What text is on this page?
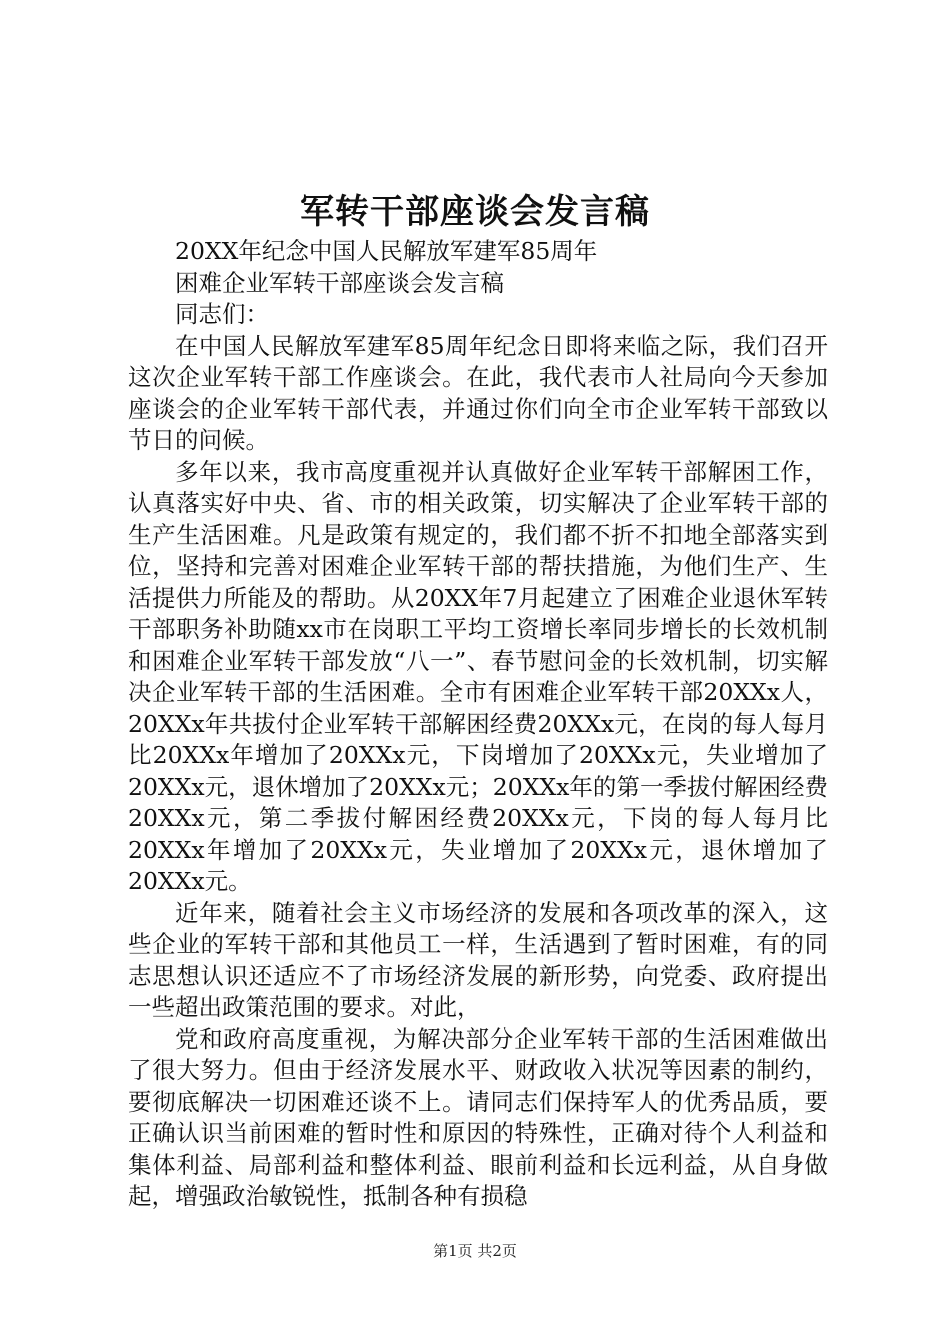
军转干部座谈会发言稿

20XX年纪念中国人民解放军建军85周年

困难企业军转干部座谈会发言稿

同志们：

在中国人民解放军建军85周年纪念日即将来临之际，我们召开这次企业军转干部工作座谈会。在此，我代表市人社局向今天参加座谈会的企业军转干部代表，并通过你们向全市企业军转干部致以节日的问候。

多年以来，我市高度重视并认真做好企业军转干部解困工作，认真落实好中央、省、市的相关政策，切实解决了企业军转干部的生产生活困难。凡是政策有规定的，我们都不折不扣地全部落实到位，坚持和完善对困难企业军转干部的帮扶措施，为他们生产、生活提供力所能及的帮助。从20XX年7月起建立了困难企业退休军转干部职务补助随xx市在岗职工平均工资增长率同步增长的长效机制和困难企业军转干部发放“八一”、春节慰问金的长效机制，切实解决企业军转干部的生活困难。全市有困难企业军转干部20XXx人，20XXx年共拔付企业军转干部解困经费20XXx元，在岗的每人每月比20XXx年增加了20XXx元，下岗增加了20XXx元，失业增加了20XXx元，退休增加了20XXx元；20XXx年的第一季拔付解困经费20XXx元，第二季拔付解困经费20XXx元，下岗的每人每月比20XXx年增加了20XXx元，失业增加了20XXx元，退休增加了20XXx元。

近年来，随着社会主义市场经济的发展和各项改革的深入，这些企业的军转干部和其他员工一样，生活遇到了暂时困难，有的同志思想认识还适应不了市场经济发展的新形势，向党委、政府提出一些超出政策范围的要求。对此，

党和政府高度重视，为解决部分企业军转干部的生活困难做出了很大努力。但由于经济发展水平、财政收入状况等因素的制约，要彻底解决一切困难还谈不上。请同志们保持军人的优秀品质，要正确认识当前困难的暂时性和原因的特殊性，正确对待个人利益和集体利益、局部利益和整体利益、眼前利益和长远利益，从自身做起，增强政治敏锐性，抵制各种有损稳

第1页 共2页
